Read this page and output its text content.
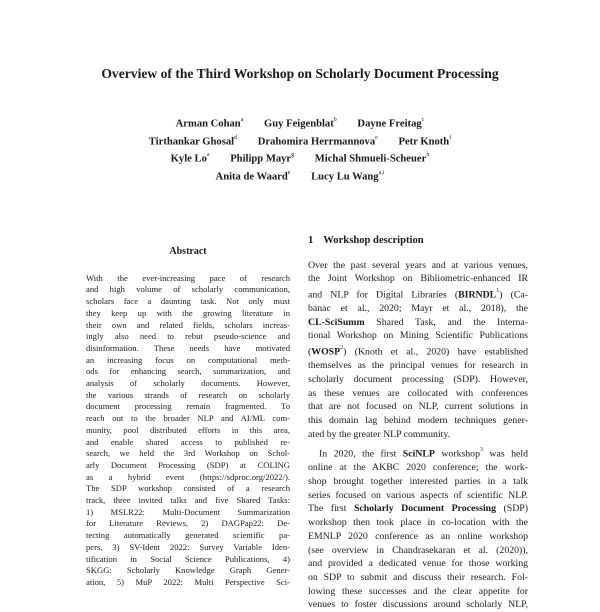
Overview of the Third Workshop on Scholarly Document Processing
Arman Cohan$^a$ Guy Feigenblat$^b$ Dayne Freitag$^c$
Tirthankar Ghosal$^d$ Drahomira Herrmannova$^e$ Petr Knoth$^f$
Kyle Lo$^a$ Philipp Mayr$^g$ Michal Shmueli-Scheuer$^h$
Anita de Waard$^e$ Lucy Lu Wang$^{a,i}$
Abstract
With the ever-increasing pace of research
and high volume of scholarly communication,
scholars face a daunting task. Not only must
they keep up with the growing literature in
their own and related fields, scholars increas-
ingly also need to rebut pseudo-science and
disinformation. These needs have motivated
an increasing focus on computational meth-
ods for enhancing search, summarization, and
analysis of scholarly documents. However,
the various strands of research on scholarly
document processing remain fragmented. To
reach out to the broader NLP and AI/ML com-
munity, pool distributed efforts in this area,
and enable shared access to published re-
search, we held the 3rd Workshop on Schol-
arly Document Processing (SDP) at COLING
as a hybrid event (https://sdproc.org/2022/).
The SDP workshop consisted of a research
track, three invited talks and five Shared Tasks:
1) MSLR22: Multi-Document Summarization
for Literature Reviews, 2) DAGPap22: De-
tecting automatically generated scientific pa-
pers, 3) SV-Ident 2022: Survey Variable Iden-
tification in Social Science Publications, 4)
SKGG: Scholarly Knowledge Graph Gener-
ation, 5) MuP 2022: Multi Perspective Sci-
1 Workshop description
Over the past several years and at various venues,
the Joint Workshop on Bibliometric-enhanced IR
and NLP for Digital Libraries (BIRNDL$^1$) (Ca-
banac et al., 2020; Mayr et al., 2018), the
CL-SciSumm Shared Task, and the Interna-
tional Workshop on Mining Scientific Publications
(WOSP$^2$) (Knoth et al., 2020) have established
themselves as the principal venues for research in
scholarly document processing (SDP). However,
as these venues are collocated with conferences
that are not focused on NLP, current solutions in
this domain lag behind modern techniques gener-
ated by the greater NLP community.
In 2020, the first SciNLP workshop$^3$ was held
online at the AKBC 2020 conference; the work-
shop brought together interested parties in a talk
series focused on various aspects of scientific NLP.
The first Scholarly Document Processing (SDP)
workshop then took place in co-location with the
EMNLP 2020 conference as an online workshop
(see overview in Chandrasekaran et al. (2020)),
and provided a dedicated venue for those working
on SDP to submit and discuss their research. Fol-
lowing these successes and the clear appetite for
venues to foster discussions around scholarly NLP,
